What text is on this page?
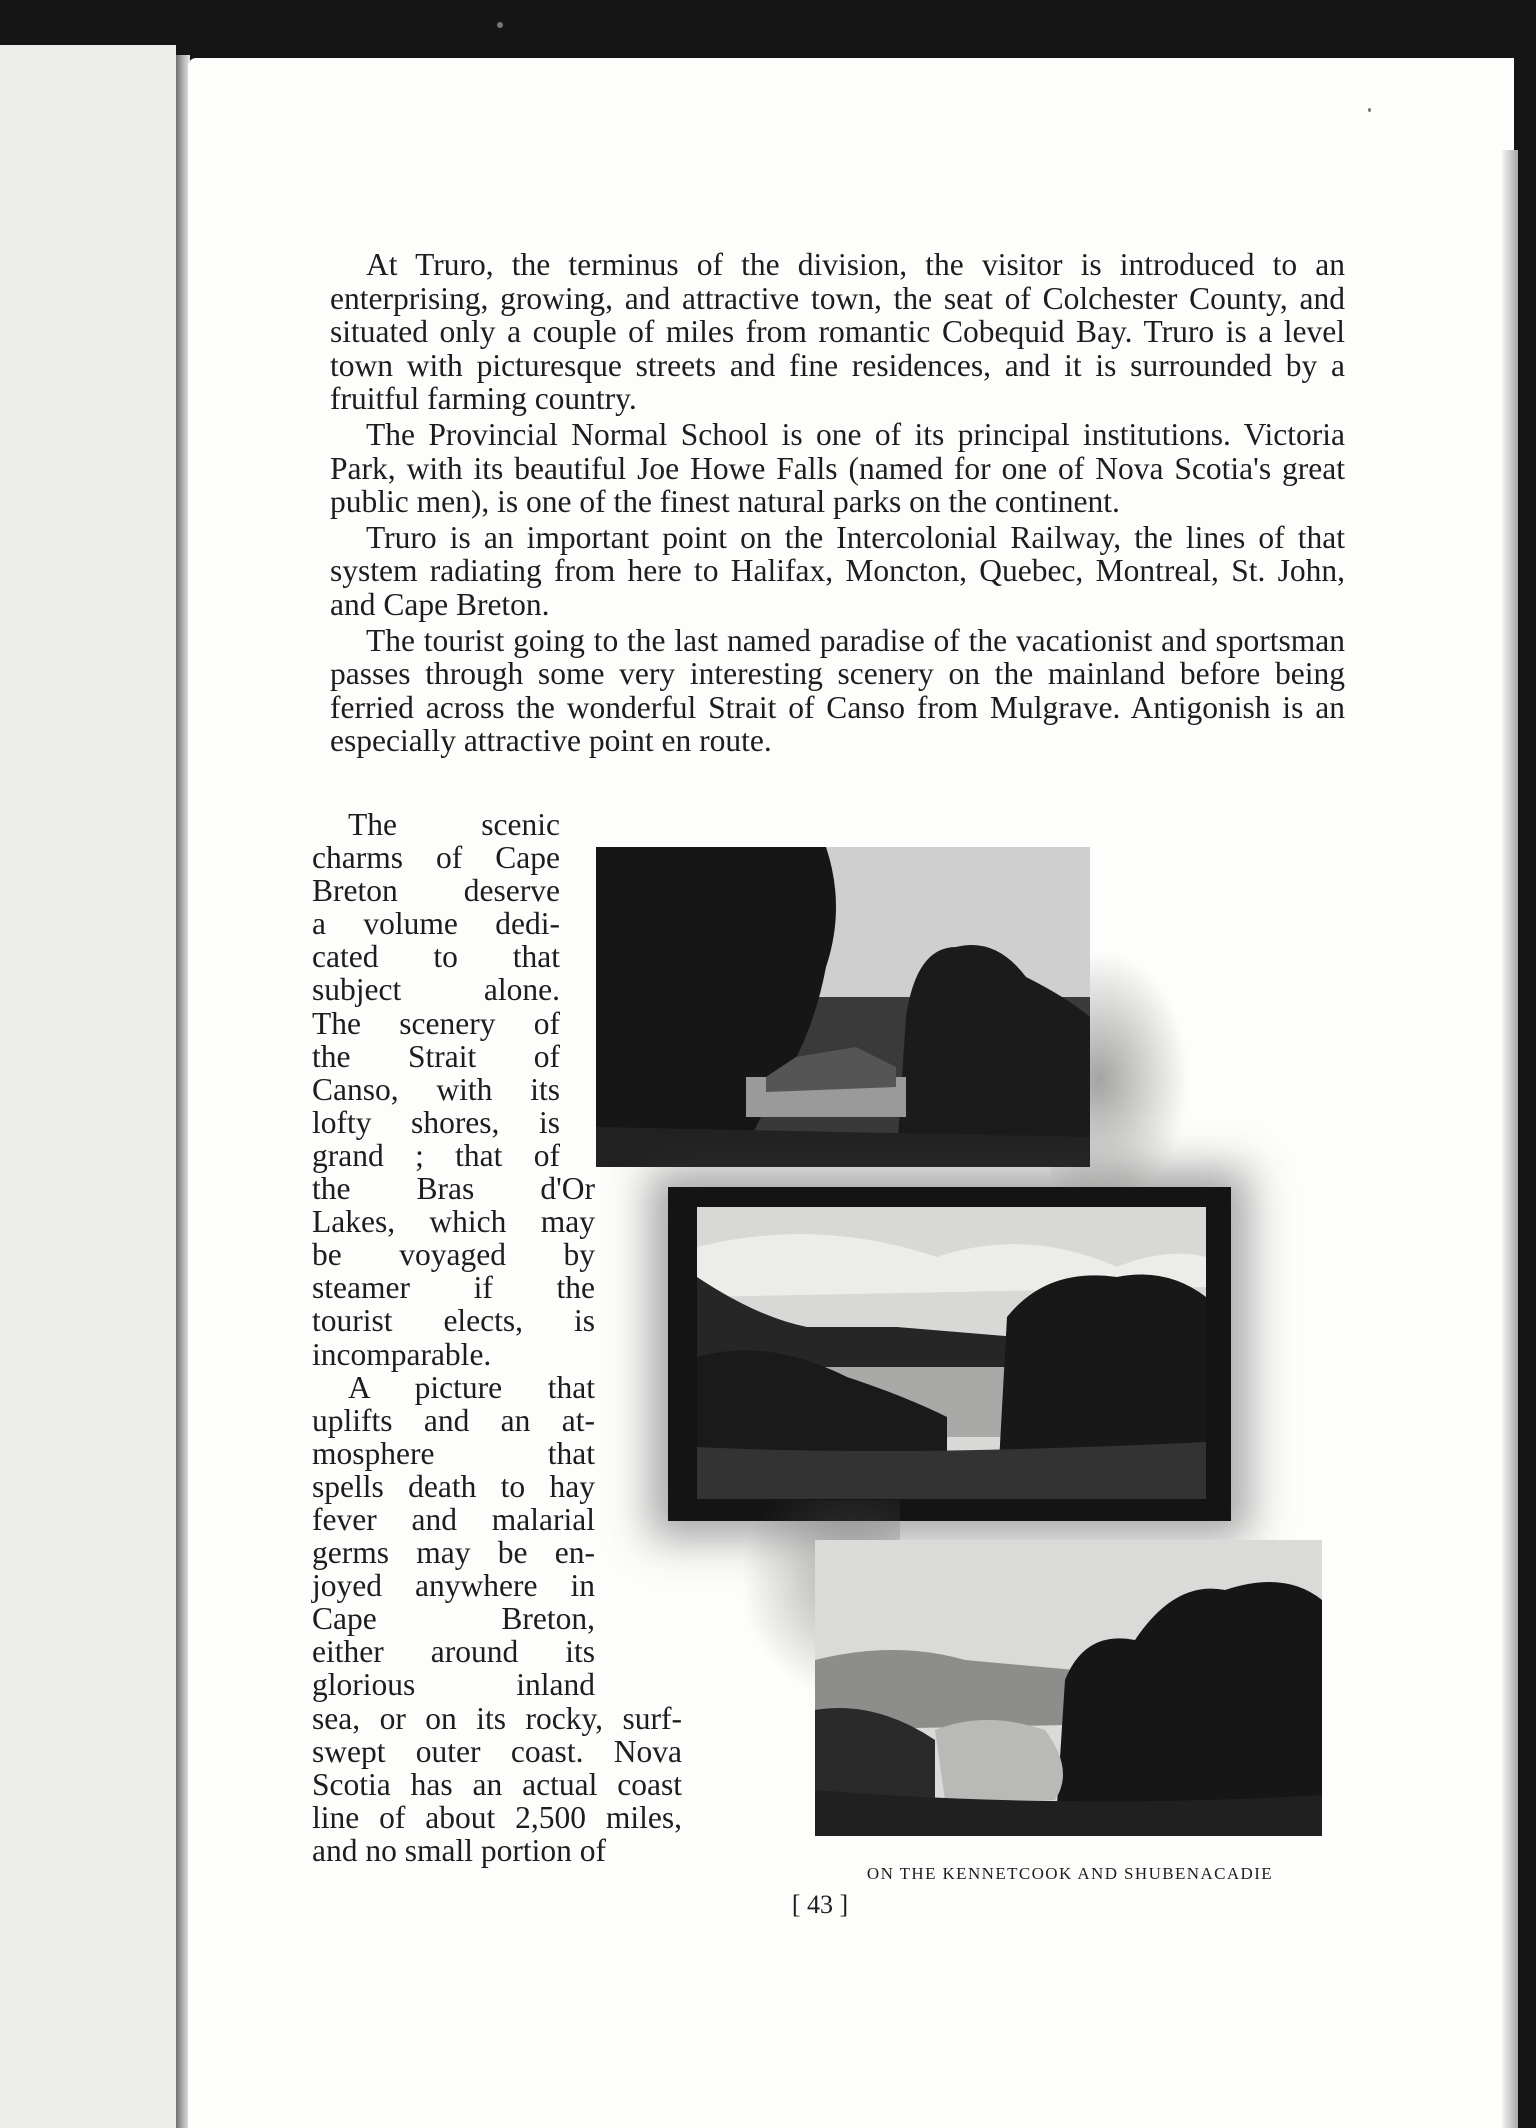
At Truro, the terminus of the division, the visitor is introduced to an enterprising, growing, and attractive town, the seat of Colchester County, and situated only a couple of miles from romantic Cobequid Bay. Truro is a level town with picturesque streets and fine residences, and it is surrounded by a fruitful farming country.

The Provincial Normal School is one of its principal institutions. Victoria Park, with its beautiful Joe Howe Falls (named for one of Nova Scotia's great public men), is one of the finest natural parks on the continent.

Truro is an important point on the Intercolonial Railway, the lines of that system radiating from here to Halifax, Moncton, Quebec, Montreal, St. John, and Cape Breton.

The tourist going to the last named paradise of the vacationist and sportsman passes through some very interesting scenery on the mainland before being ferried across the wonderful Strait of Canso from Mulgrave. Antigonish is an especially attractive point en route.

The scenic
charms of Cape
Breton deserve
a volume dedi-
cated to that
subject alone.
The scenery of
the Strait of
Canso, with its
lofty shores, is
grand ; that of
the Bras d'Or
Lakes, which may
be voyaged by
steamer if the
tourist elects, is
incomparable.
A picture that
uplifts and an at-
mosphere that
spells death to hay
fever and malarial
germs may be en-
joyed anywhere in
Cape Breton,
either around its
glorious inland
sea, or on its rocky, surf-
swept outer coast. Nova
Scotia has an actual coast
line of about 2,500 miles,
and no small portion of
ON THE KENNETCOOK AND SHUBENACADIE
[ 43 ]
